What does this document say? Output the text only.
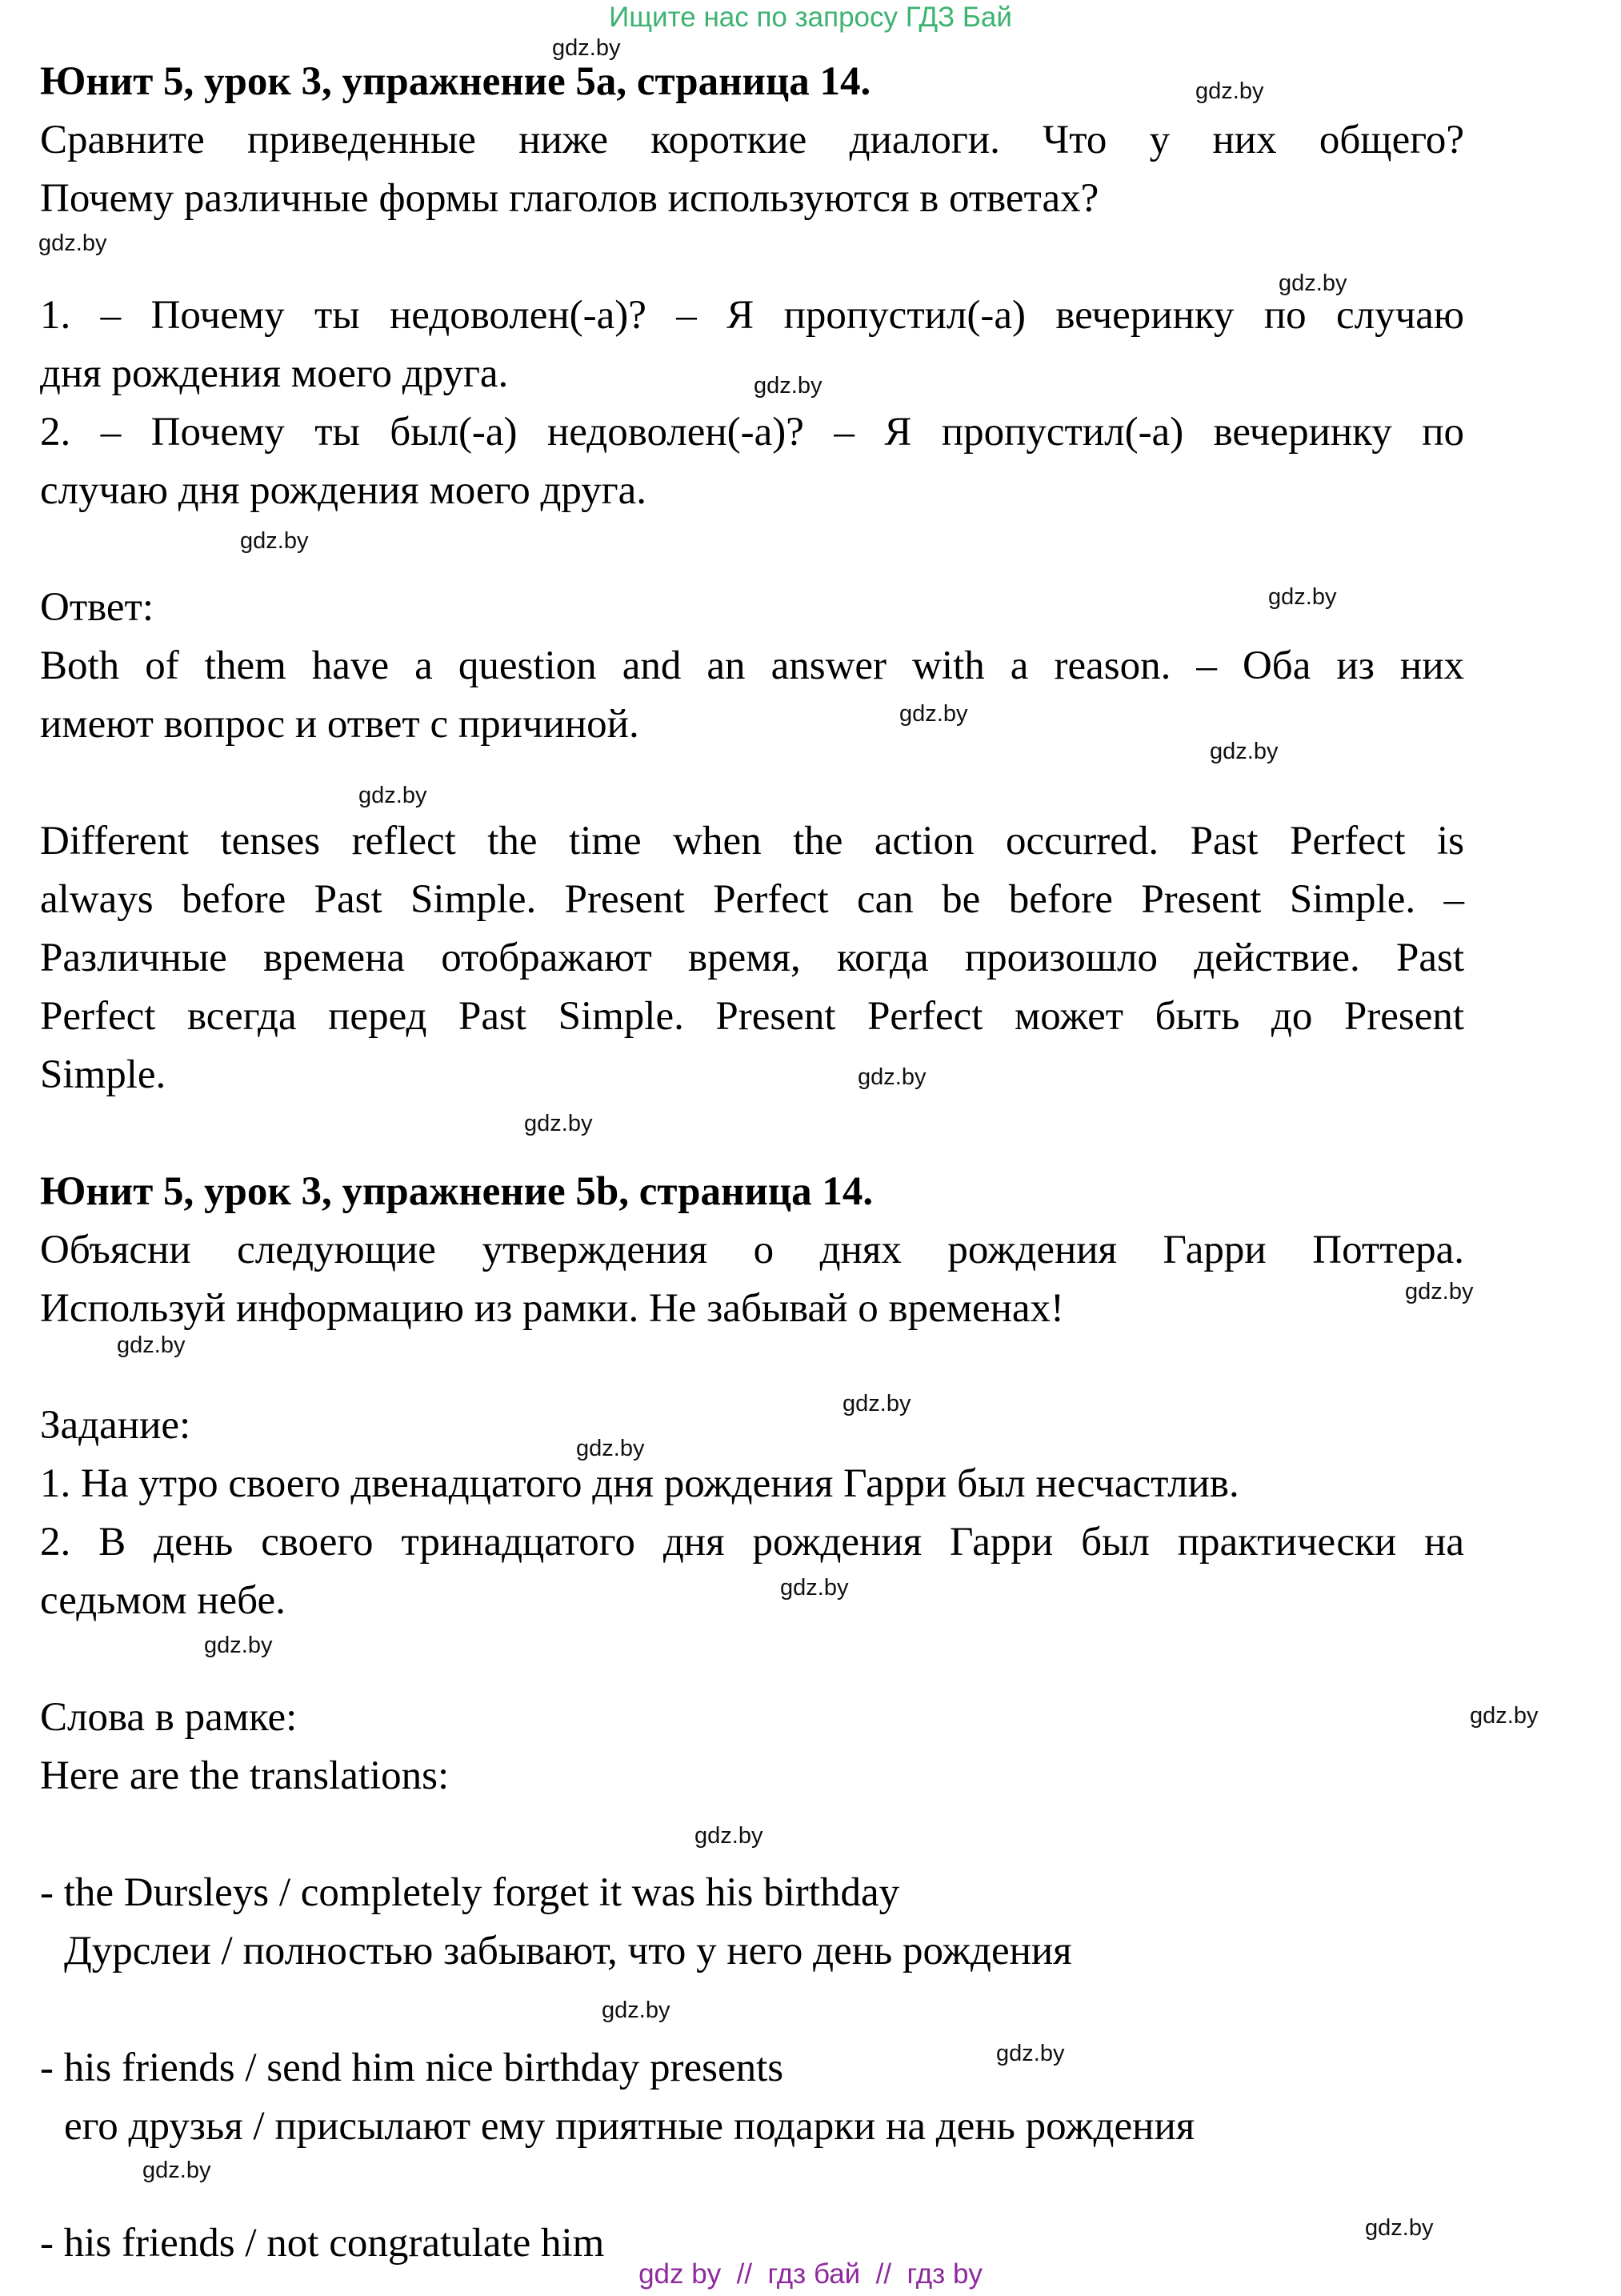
Ищите нас по запросу ГДЗ Бай
Юнит 5, урок 3, упражнение 5а, страница 14.
Сравните приведенные ниже короткие диалоги. Что у них общего?
Почему различные формы глаголов используются в ответах?
1. – Почему ты недоволен(-а)? – Я пропустил(-а) вечеринку по случаю
дня рождения моего друга.
2. – Почему ты был(-а) недоволен(-а)? – Я пропустил(-а) вечеринку по
случаю дня рождения моего друга.
Ответ:
Both of them have a question and an answer with a reason. – Оба из них
имеют вопрос и ответ с причиной.
Different tenses reflect the time when the action occurred. Past Perfect is
always before Past Simple. Present Perfect can be before Present Simple. –
Различные времена отображают время, когда произошло действие. Past
Perfect всегда перед Past Simple. Present Perfect может быть до Present
Simple.
Юнит 5, урок 3, упражнение 5b, страница 14.
Объясни следующие утверждения о днях рождения Гарри Поттера.
Используй информацию из рамки. Не забывай о временах!
Задание:
1. На утро своего двенадцатого дня рождения Гарри был несчастлив.
2. В день своего тринадцатого дня рождения Гарри был практически на
седьмом небе.
Слова в рамке:
Here are the translations:
- the Dursleys / completely forget it was his birthday
Дурслеи / полностью забывают, что у него день рождения
- his friends / send him nice birthday presents
его друзья / присылают ему приятные подарки на день рождения
- his friends / not congratulate him
gdz.by
gdz.by
gdz.by
gdz.by
gdz.by
gdz.by
gdz.by
gdz.by
gdz.by
gdz.by
gdz.by
gdz.by
gdz.by
gdz.by
gdz.by
gdz.by
gdz.by
gdz.by
gdz.by
gdz.by
gdz.by
gdz.by
gdz.by
gdz.by
gdz by  //  гдз бай  //  гдз by
